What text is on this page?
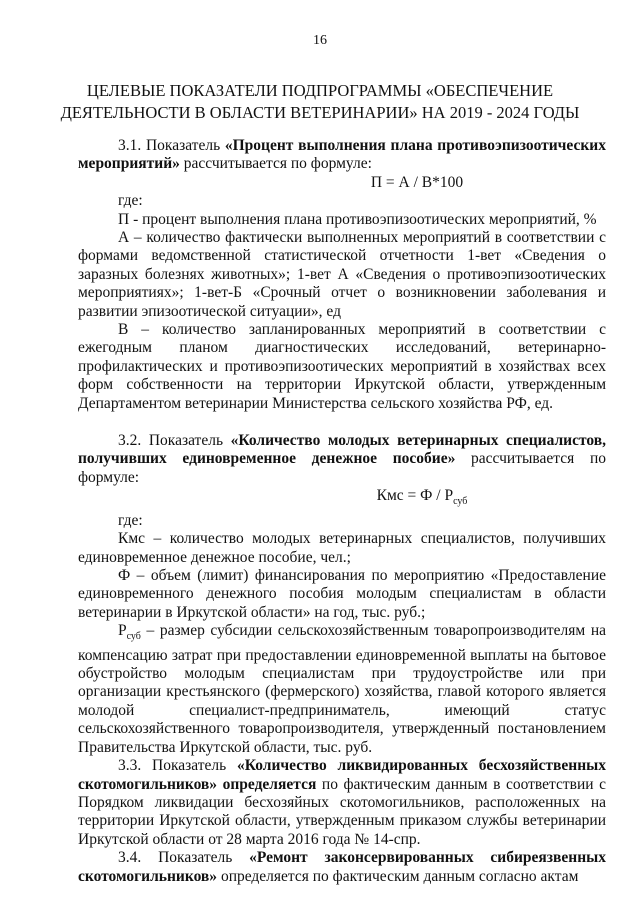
16
ЦЕЛЕВЫЕ ПОКАЗАТЕЛИ ПОДПРОГРАММЫ «ОБЕСПЕЧЕНИЕ
ДЕЯТЕЛЬНОСТИ В ОБЛАСТИ ВЕТЕРИНАРИИ» НА 2019 - 2024 ГОДЫ

3.1. Показатель «Процент выполнения плана противоэпизоотических мероприятий» рассчитывается по формуле:

П = А / В*100

где:

П - процент выполнения плана противоэпизоотических мероприятий, %

А – количество фактически выполненных мероприятий в соответствии с формами ведомственной статистической отчетности 1-вет «Сведения о заразных болезнях животных»; 1-вет А «Сведения о противоэпизоотических мероприятиях»; 1-вет-Б «Срочный отчет о возникновении заболевания и развитии эпизоотической ситуации», ед

В – количество запланированных мероприятий в соответствии с ежегодным планом диагностических исследований, ветеринарно-профилактических и противоэпизоотических мероприятий в хозяйствах всех форм собственности на территории Иркутской области, утвержденным Департаментом ветеринарии Министерства сельского хозяйства РФ, ед.

3.2. Показатель «Количество молодых ветеринарных специалистов, получивших единовременное денежное пособие» рассчитывается по формуле:

Кмс = Ф / $Р_{суб}$

где:

Кмс – количество молодых ветеринарных специалистов, получивших единовременное денежное пособие, чел.;

Ф – объем (лимит) финансирования по мероприятию «Предоставление единовременного денежного пособия молодым специалистам в области ветеринарии в Иркутской области» на год, тыс. руб.;

$Р_{суб}$ – размер субсидии сельскохозяйственным товаропроизводителям на компенсацию затрат при предоставлении единовременной выплаты на бытовое обустройство молодым специалистам при трудоустройстве или при организации крестьянского (фермерского) хозяйства, главой которого является молодой специалист-предприниматель, имеющий статус сельскохозяйственного товаропроизводителя, утвержденный постановлением Правительства Иркутской области, тыс. руб.

3.3. Показатель «Количество ликвидированных бесхозяйственных скотомогильников» определяется по фактическим данным в соответствии с Порядком ликвидации бесхозяйных скотомогильников, расположенных на территории Иркутской области, утвержденным приказом службы ветеринарии Иркутской области от 28 марта 2016 года № 14-спр.

3.4. Показатель «Ремонт законсервированных сибиреязвенных скотомогильников» определяется по фактическим данным согласно актам
